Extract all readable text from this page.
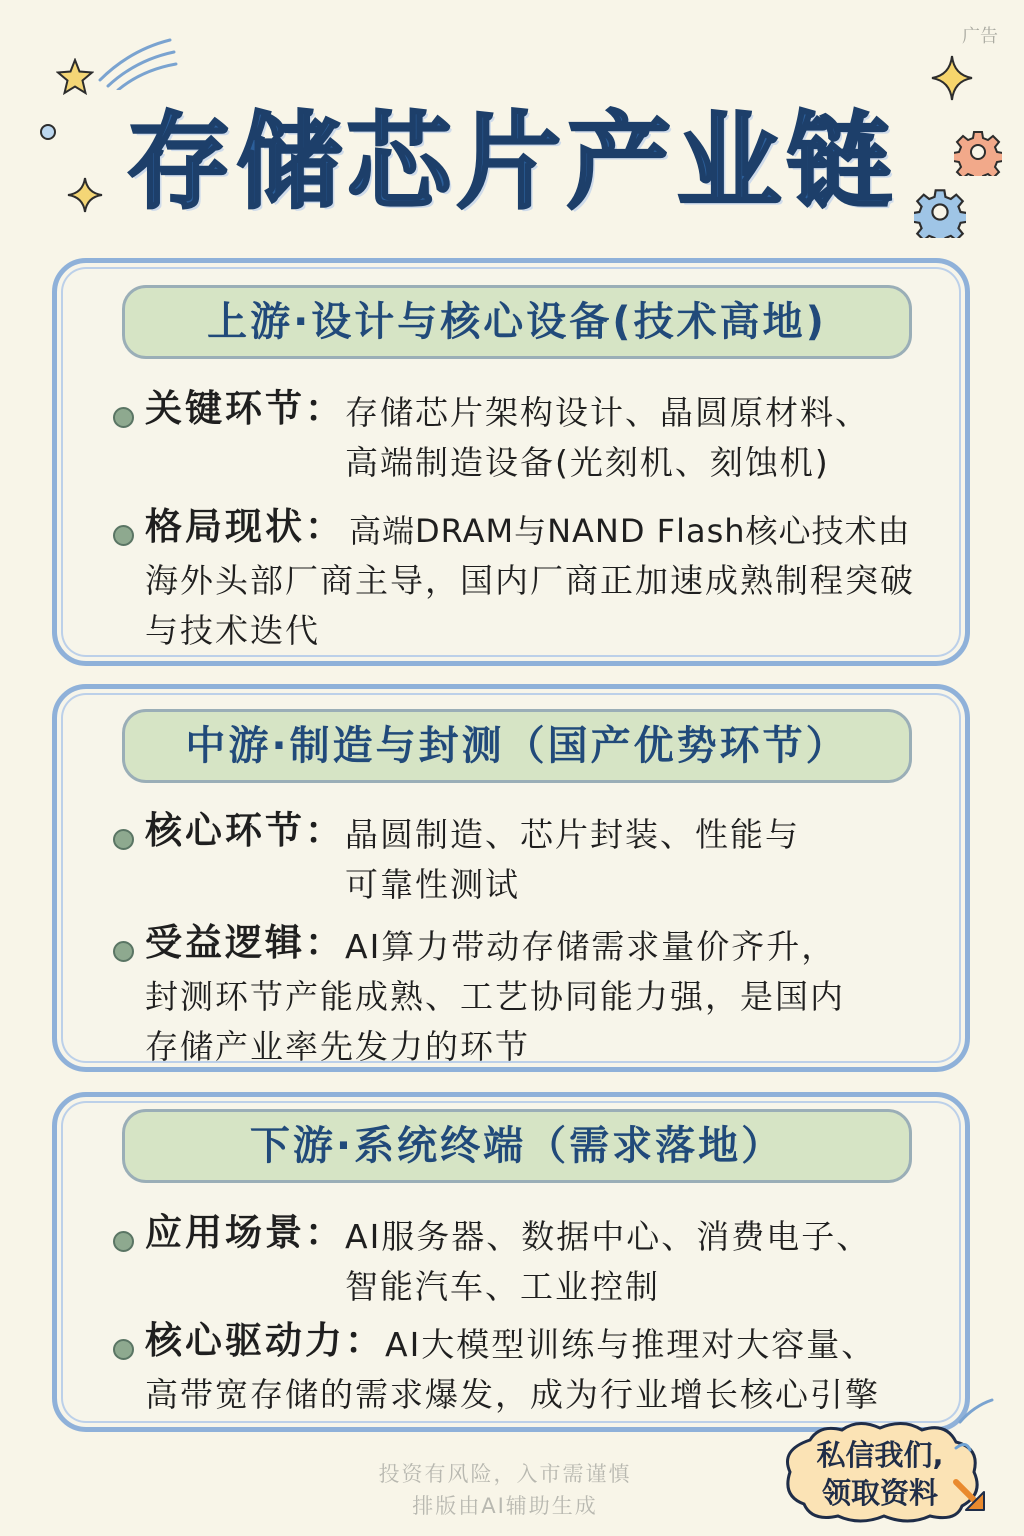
广告
存储芯片产业链
上游·设计与核心设备(技术高地)
关键环节： 存储芯片架构设计、晶圆原材料、
高端制造设备(光刻机、刻蚀机)
格局现状： 高端DRAM与NAND Flash核心技术由
海外头部厂商主导，国内厂商正加速成熟制程突破
与技术迭代
中游·制造与封测（国产优势环节）
核心环节： 晶圆制造、芯片封装、性能与
可靠性测试
受益逻辑： AI算力带动存储需求量价齐升，
封测环节产能成熟、工艺协同能力强，是国内
存储产业率先发力的环节
下游·系统终端（需求落地）
应用场景： AI服务器、数据中心、消费电子、
智能汽车、工业控制
核心驱动力： AI大模型训练与推理对大容量、
高带宽存储的需求爆发，成为行业增长核心引擎
投资有风险，入市需谨慎
排版由AI辅助生成
私信我们,
领取资料
